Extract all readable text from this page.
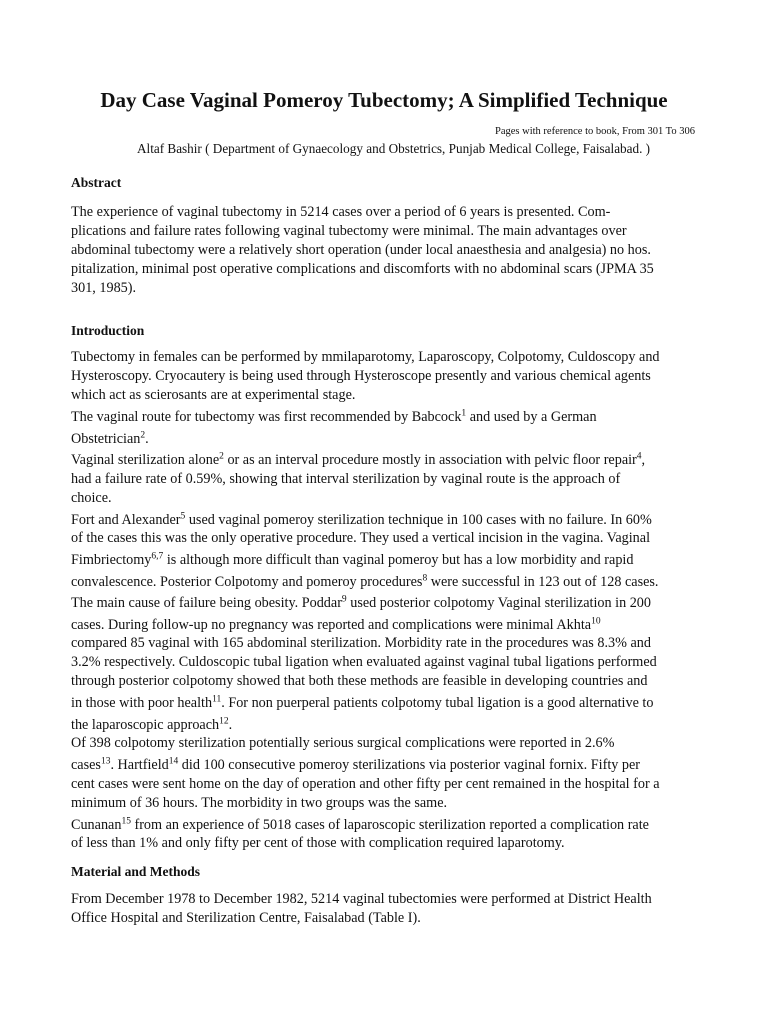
Day Case Vaginal Pomeroy Tubectomy; A Simplified Technique
Pages with reference to book, From 301 To 306
Altaf Bashir ( Department of Gynaecology and Obstetrics, Punjab Medical College, Faisalabad. )
Abstract
The experience of vaginal tubectomy in 5214 cases over a period of 6 years is presented. Com-
plications and failure rates following vaginal tubectomy were minimal. The main advantages over
abdominal tubectomy were a relatively short operation (under local anaesthesia and analgesia) no hos.
pitalization, minimal post operative complications and discomforts with no abdominal scars (JPMA 35
301, 1985).
Introduction
Tubectomy in females can be performed by mmilaparotomy, Laparoscopy, Colpotomy, Culdoscopy and
Hysteroscopy. Cryocautery is being used through Hysteroscope presently and various chemical agents
which act as scierosants are at experimental stage.
The vaginal route for tubectomy was first recommended by Babcock$^1$ and used by a German
Obstetrician$^2$.
Vaginal sterilization alone$^2$ or as an interval procedure mostly in association with pelvic floor repair$^4$,
had a failure rate of 0.59%, showing that interval sterilization by vaginal route is the approach of
choice.
Fort and Alexander$^5$ used vaginal pomeroy sterilization technique in 100 cases with no failure. In 60%
of the cases this was the only operative procedure. They used a vertical incision in the vagina. Vaginal
Fimbriectomy$^{6,7}$ is although more difficult than vaginal pomeroy but has a low morbidity and rapid
convalescence. Posterior Colpotomy and pomeroy procedures$^8$ were successful in 123 out of 128 cases.
The main cause of failure being obesity. Poddar$^9$ used posterior colpotomy Vaginal sterilization in 200
cases. During follow-up no pregnancy was reported and complications were minimal Akhta$^{10}$
compared 85 vaginal with 165 abdominal sterilization. Morbidity rate in the procedures was 8.3% and
3.2% respectively. Culdoscopic tubal ligation when evaluated against vaginal tubal ligations performed
through posterior colpotomy showed that both these methods are feasible in developing countries and
in those with poor health$^{11}$. For non puerperal patients colpotomy tubal ligation is a good alternative to
the laparoscopic approach$^{12}$.
Of 398 colpotomy sterilization potentially serious surgical complications were reported in 2.6%
cases$^{13}$. Hartfield$^{14}$ did 100 consecutive pomeroy sterilizations via posterior vaginal fornix. Fifty per
cent cases were sent home on the day of operation and other fifty per cent remained in the hospital for a
minimum of 36 hours. The morbidity in two groups was the same.
Cunanan$^{15}$ from an experience of 5018 cases of laparoscopic sterilization reported a complication rate
of less than 1% and only fifty per cent of those with complication required laparotomy.
Material and Methods
From December 1978 to December 1982, 5214 vaginal tubectomies were performed at District Health
Office Hospital and Sterilization Centre, Faisalabad (Table I).
